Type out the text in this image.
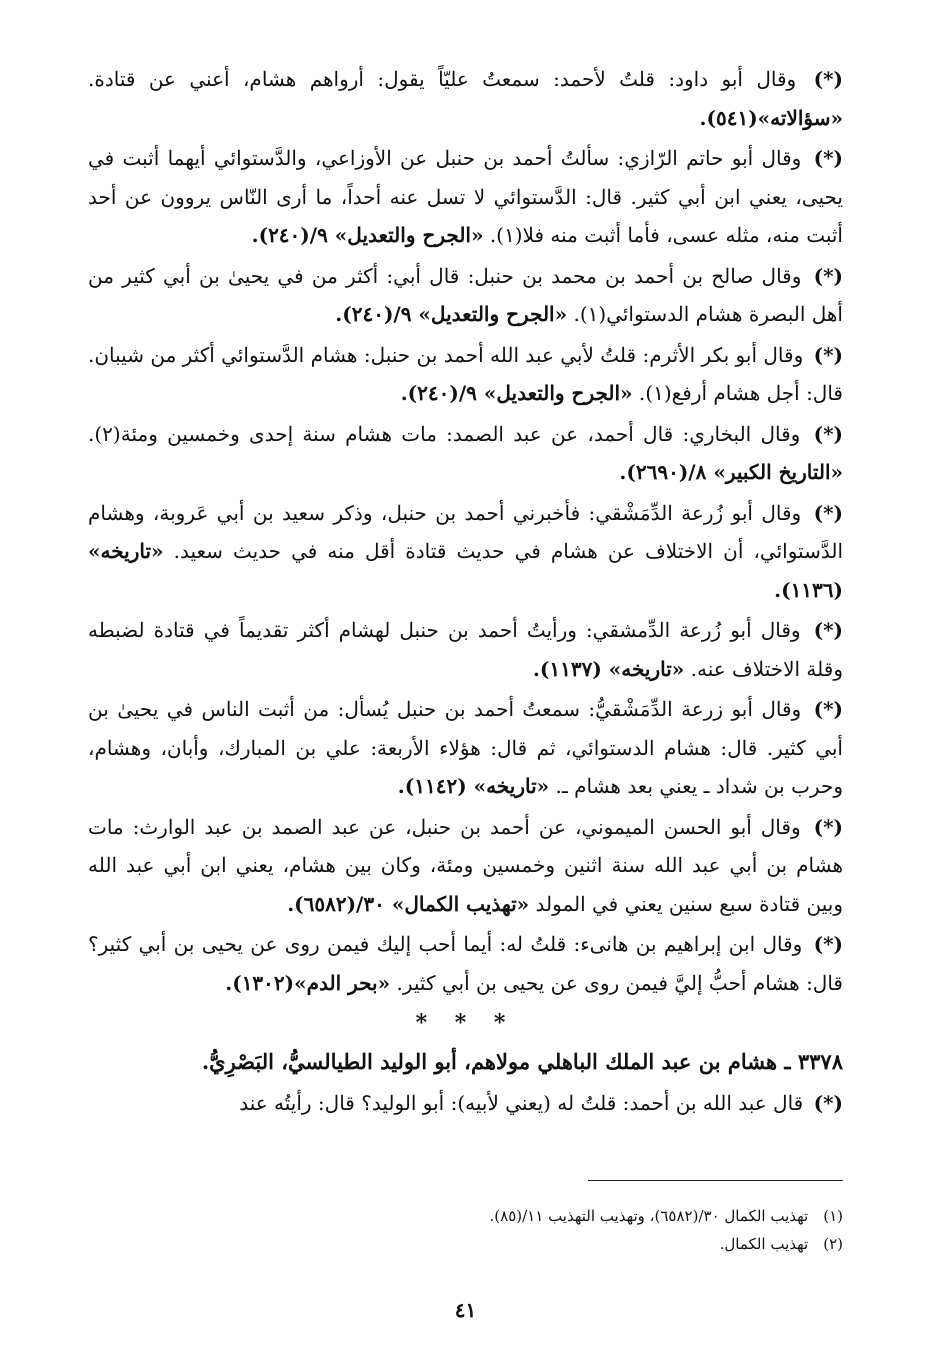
(*) وقال أبو داود: قلتُ لأحمد: سمعتُ عليّاً يقول: أرواهم هشام، أعني عن قتادة. «سؤالاته»(٥٤١).

(*) وقال أبو حاتم الرّازي: سألتُ أحمد بن حنبل عن الأوزاعي، والدَّستوائي أيهما أثبت في يحيى، يعني ابن أبي كثير. قال: الدَّستوائي لا تسل عنه أحداً، ما أرى النّاس يروون عن أحد أثبت منه، مثله عسى، فأما أثبت منه فلا(١). «الجرح والتعديل» ٩/(٢٤٠).

(*) وقال صالح بن أحمد بن محمد بن حنبل: قال أبي: أكثر من في يحيىٰ بن أبي كثير من أهل البصرة هشام الدستوائي(١). «الجرح والتعديل» ٩/(٢٤٠).

(*) وقال أبو بكر الأثرم: قلتُ لأبي عبد الله أحمد بن حنبل: هشام الدَّستوائي أكثر من شيبان. قال: أجل هشام أرفع(١). «الجرح والتعديل» ٩/(٢٤٠).

(*) وقال البخاري: قال أحمد، عن عبد الصمد: مات هشام سنة إحدى وخمسين ومئة(٢). «التاريخ الكبير» ٨/(٢٦٩٠).

(*) وقال أبو زُرعة الدِّمَشْقي: فأخبرني أحمد بن حنبل، وذكر سعيد بن أبي عَروبة، وهشام الدَّستوائي، أن الاختلاف عن هشام في حديث قتادة أقل منه في حديث سعيد. «تاريخه» (١١٣٦).

(*) وقال أبو زُرعة الدِّمشقي: ورأيتُ أحمد بن حنبل لهشام أكثر تقديماً في قتادة لضبطه وقلة الاختلاف عنه. «تاريخه» (١١٣٧).

(*) وقال أبو زرعة الدِّمَشْقيُّ: سمعتُ أحمد بن حنبل يُسأل: من أثبت الناس في يحيىٰ بن أبي كثير. قال: هشام الدستوائي، ثم قال: هؤلاء الأربعة: علي بن المبارك، وأبان، وهشام، وحرب بن شداد ـ يعني بعد هشام ـ. «تاريخه» (١١٤٢).

(*) وقال أبو الحسن الميموني، عن أحمد بن حنبل، عن عبد الصمد بن عبد الوارث: مات هشام بن أبي عبد الله سنة اثنين وخمسين ومئة، وكان بين هشام، يعني ابن أبي عبد الله وبين قتادة سبع سنين يعني في المولد «تهذيب الكمال» ٣٠/(٦٥٨٢).

(*) وقال ابن إبراهيم بن هانىء: قلتُ له: أيما أحب إليك فيمن روى عن يحيى بن أبي كثير؟ قال: هشام أحبُّ إليَّ فيمن روى عن يحيى بن أبي كثير. «بحر الدم»(١٣٠٢).

* * *
٣٣٧٨ ـ هشام بن عبد الملك الباهلي مولاهم، أبو الوليد الطيالسيُّ، البَصْرِيُّ.

(*) قال عبد الله بن أحمد: قلتُ له (يعني لأبيه): أبو الوليد؟ قال: رأيتُه عند

(١) تهذيب الكمال ٣٠/(٦٥٨٢)، وتهذيب التهذيب ١١/(٨٥).
(٢) تهذيب الكمال.
٤١
